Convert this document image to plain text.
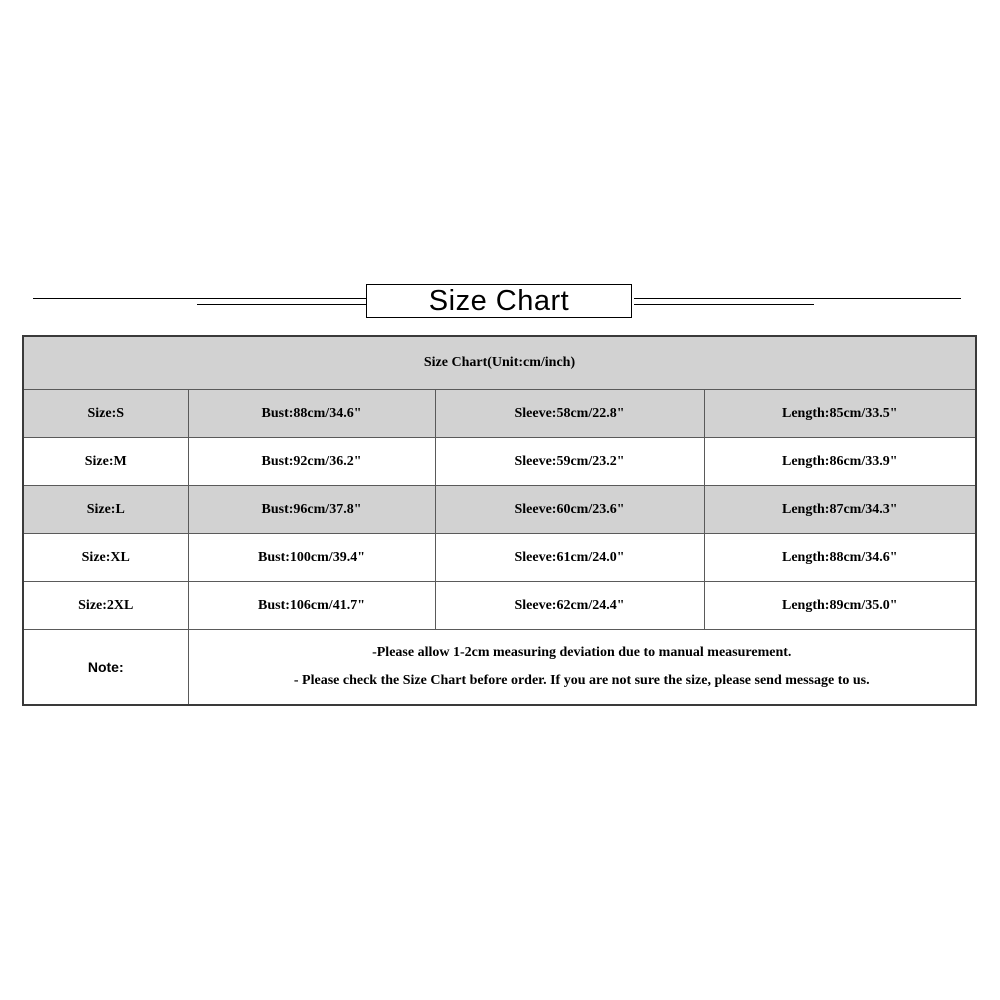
Size Chart
Size Chart(Unit:cm/inch)			
Size:S	Bust:88cm/34.6"	Sleeve:58cm/22.8"	Length:85cm/33.5"
Size:M	Bust:92cm/36.2"	Sleeve:59cm/23.2"	Length:86cm/33.9"
Size:L	Bust:96cm/37.8"	Sleeve:60cm/23.6"	Length:87cm/34.3"
Size:XL	Bust:100cm/39.4"	Sleeve:61cm/24.0"	Length:88cm/34.6"
Size:2XL	Bust:106cm/41.7"	Sleeve:62cm/24.4"	Length:89cm/35.0"
Note:	-Please allow 1-2cm measuring deviation due to manual measurement.
- Please check the Size Chart before order. If you are not sure the size, please send message to us.		
